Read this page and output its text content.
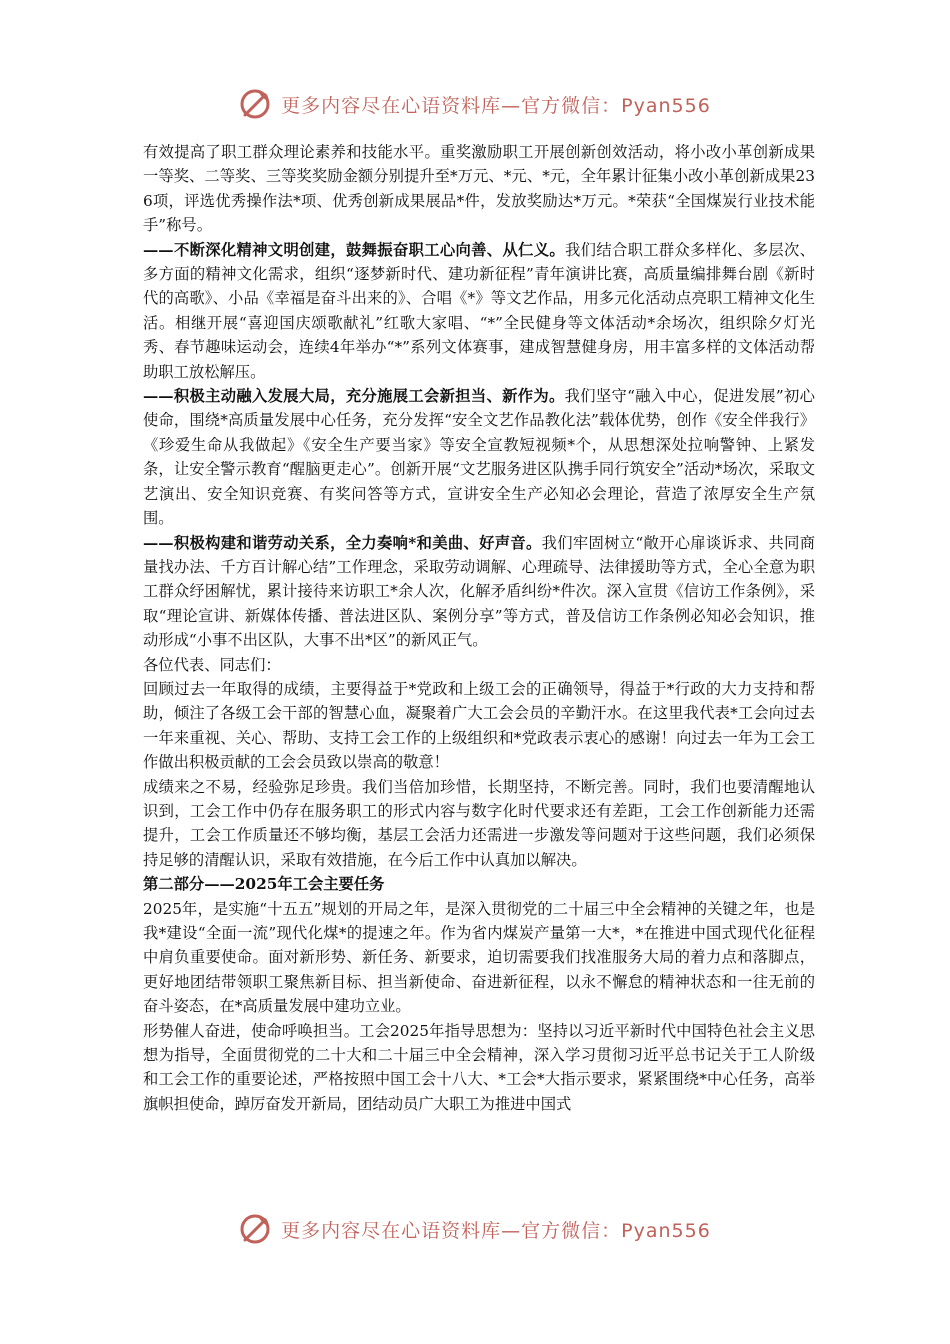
更多内容尽在心语资料库—官方微信：Pyan556

有效提高了职工群众理论素养和技能水平。重奖激励职工开展创新创效活动，将小改小革创新成果一等奖、二等奖、三等奖奖励金额分别提升至*万元、*元、*元，全年累计征集小改小革创新成果236项，评选优秀操作法*项、优秀创新成果展品*件，发放奖励达*万元。*荣获“全国煤炭行业技术能手”称号。

——不断深化精神文明创建，鼓舞振奋职工心向善、从仁义。我们结合职工群众多样化、多层次、多方面的精神文化需求，组织“逐梦新时代、建功新征程”青年演讲比赛，高质量编排舞台剧《新时代的高歌》、小品《幸福是奋斗出来的》、合唱《*》等文艺作品，用多元化活动点亮职工精神文化生活。相继开展“喜迎国庆颂歌献礼”红歌大家唱、“*”全民健身等文体活动*余场次，组织除夕灯光秀、春节趣味运动会，连续4年举办“*”系列文体赛事，建成智慧健身房，用丰富多样的文体活动帮助职工放松解压。

——积极主动融入发展大局，充分施展工会新担当、新作为。我们坚守“融入中心，促进发展”初心使命，围绕*高质量发展中心任务，充分发挥“安全文艺作品教化法”载体优势，创作《安全伴我行》《珍爱生命从我做起》《安全生产要当家》等安全宣教短视频*个，从思想深处拉响警钟、上紧发条，让安全警示教育“醒脑更走心”。创新开展“文艺服务进区队携手同行筑安全”活动*场次，采取文艺演出、安全知识竞赛、有奖问答等方式，宣讲安全生产必知必会理论，营造了浓厚安全生产氛围。

——积极构建和谐劳动关系，全力奏响*和美曲、好声音。我们牢固树立“敞开心扉谈诉求、共同商量找办法、千方百计解心结”工作理念，采取劳动调解、心理疏导、法律援助等方式，全心全意为职工群众纾困解忧，累计接待来访职工*余人次，化解矛盾纠纷*件次。深入宣贯《信访工作条例》，采取“理论宣讲、新媒体传播、普法进区队、案例分享”等方式，普及信访工作条例必知必会知识，推动形成“小事不出区队，大事不出*区”的新风正气。

各位代表、同志们：

回顾过去一年取得的成绩，主要得益于*党政和上级工会的正确领导，得益于*行政的大力支持和帮助，倾注了各级工会干部的智慧心血，凝聚着广大工会会员的辛勤汗水。在这里我代表*工会向过去一年来重视、关心、帮助、支持工会工作的上级组织和*党政表示衷心的感谢！向过去一年为工会工作做出积极贡献的工会会员致以崇高的敬意！

成绩来之不易，经验弥足珍贵。我们当倍加珍惜，长期坚持，不断完善。同时，我们也要清醒地认识到，工会工作中仍存在服务职工的形式内容与数字化时代要求还有差距，工会工作创新能力还需提升，工会工作质量还不够均衡，基层工会活力还需进一步激发等问题对于这些问题，我们必须保持足够的清醒认识，采取有效措施，在今后工作中认真加以解决。

第二部分——2025年工会主要任务

2025年，是实施“十五五”规划的开局之年，是深入贯彻党的二十届三中全会精神的关键之年，也是我*建设“全面一流”现代化煤*的提速之年。作为省内煤炭产量第一大*，*在推进中国式现代化征程中肩负重要使命。面对新形势、新任务、新要求，迫切需要我们找准服务大局的着力点和落脚点，更好地团结带领职工聚焦新目标、担当新使命、奋进新征程，以永不懈怠的精神状态和一往无前的奋斗姿态，在*高质量发展中建功立业。

形势催人奋进，使命呼唤担当。工会2025年指导思想为：坚持以习近平新时代中国特色社会主义思想为指导，全面贯彻党的二十大和二十届三中全会精神，深入学习贯彻习近平总书记关于工人阶级和工会工作的重要论述，严格按照中国工会十八大、*工会*大指示要求，紧紧围绕*中心任务，高举旗帜担使命，踔厉奋发开新局，团结动员广大职工为推进中国式

更多内容尽在心语资料库—官方微信：Pyan556
